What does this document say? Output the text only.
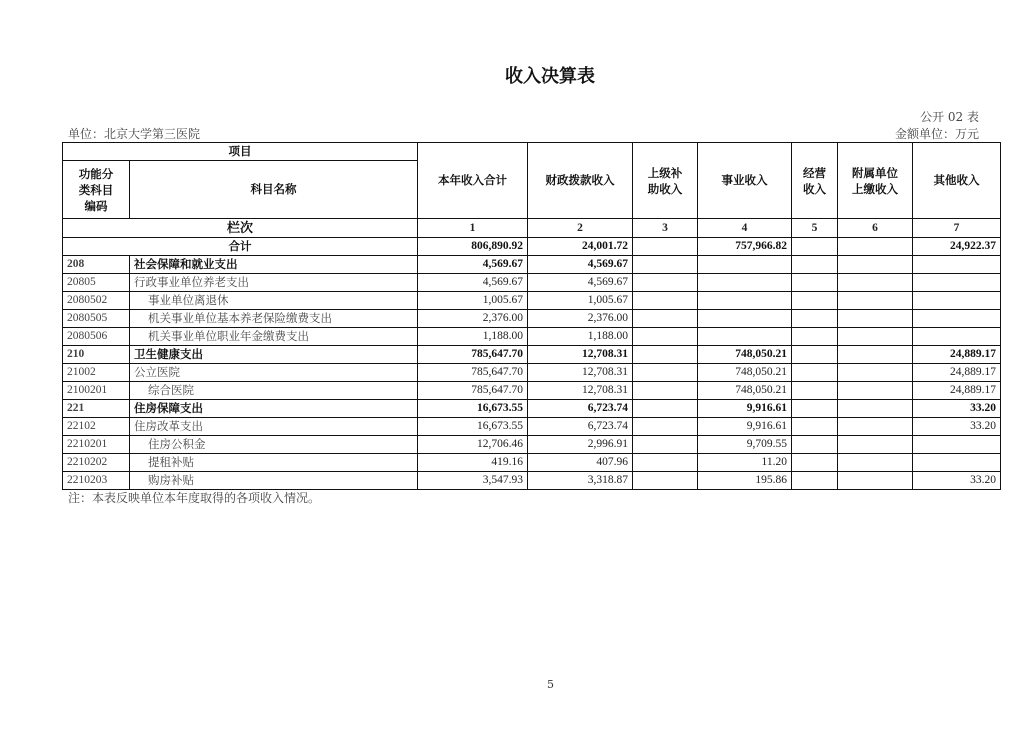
收入决算表
公开 02 表
单位：北京大学第三医院	金额单位：万元
项目		本年收入合计	财政拨款收入	上级补助收入	事业收入	经营收入	附属单位上缴收入	其他收入

功能分类科目编码	科目名称							
栏次		1	2	3	4	5	6	7
合计		806,890.92	24,001.72		757,966.82			24,922.37
208	社会保障和就业支出	4,569.67	4,569.67					
20805	行政事业单位养老支出	4,569.67	4,569.67					
2080502	事业单位离退休	1,005.67	1,005.67					
2080505	机关事业单位基本养老保险缴费支出	2,376.00	2,376.00					
2080506	机关事业单位职业年金缴费支出	1,188.00	1,188.00					
210	卫生健康支出	785,647.70	12,708.31		748,050.21			24,889.17
21002	公立医院	785,647.70	12,708.31		748,050.21			24,889.17
2100201	综合医院	785,647.70	12,708.31		748,050.21			24,889.17
221	住房保障支出	16,673.55	6,723.74		9,916.61			33.20
22102	住房改革支出	16,673.55	6,723.74		9,916.61			33.20
2210201	住房公积金	12,706.46	2,996.91		9,709.55			
2210202	提租补贴	419.16	407.96		11.20			
2210203	购房补贴	3,547.93	3,318.87		195.86			33.20
注：本表反映单位本年度取得的各项收入情况。
5
